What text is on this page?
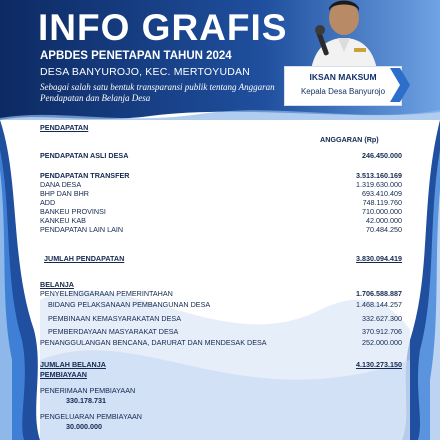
INFO GRAFIS
APBDES PENETAPAN TAHUN 2024
DESA BANYUROJO, KEC. MERTOYUDAN
Sebagai salah satu bentuk transparansi publik tentang Anggaran Pendapatan dan Belanja Desa
IKSAN MAKSUM
Kepala Desa Banyurojo
PENDAPATAN
ANGGARAN (Rp)
PENDAPATAN ASLI DESA	246.450.000
PENDAPATAN TRANSFER	3.513.160.169
DANA DESA	1.319.630.000
BHP DAN BHR	693.410.409
ADD	748.119.760
BANKEU PROVINSI	710.000.000
KANKEU KAB	42.000.000
PENDAPATAN LAIN LAIN	70.484.250
JUMLAH PENDAPATAN	3.830.094.419
BELANJA
PENYELENGGARAAN PEMERINTAHAN	1.706.588.887
BIDANG PELAKSANAAN PEMBANGUNAN DESA	1.468.144.257
PEMBINAAN KEMASYARAKATAN DESA	332.627.300
PEMBERDAYAAN MASYARAKAT DESA	370.912.706
PENANGGULANGAN BENCANA, DARURAT DAN MENDESAK DESA	252.000.000
JUMLAH BELANJA	4.130.273.150
PEMBIAYAAN
PENERIMAAN PEMBIAYAAN
330.178.731
PENGELUARAN PEMBIAYAAN
30.000.000
